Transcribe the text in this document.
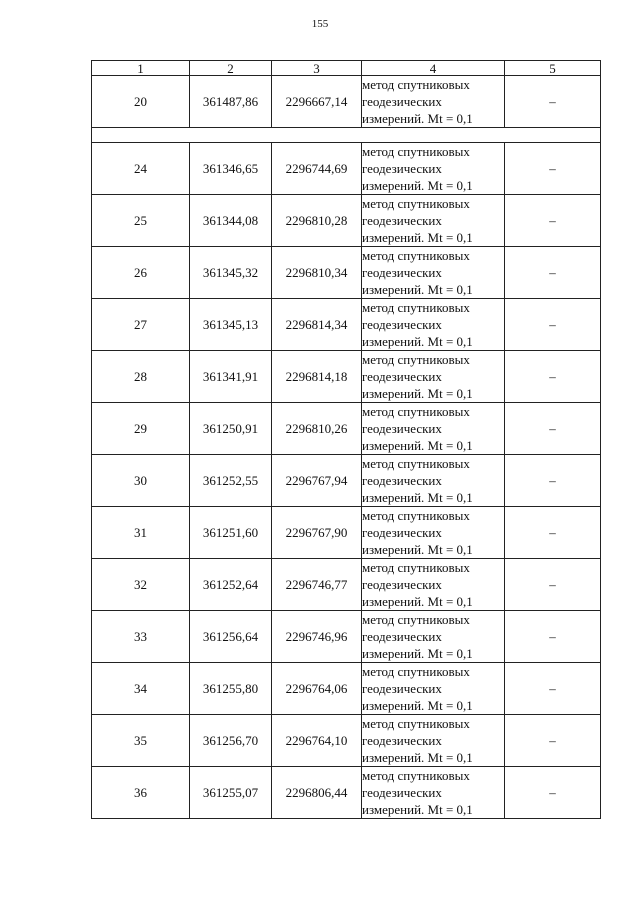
155
1	2	3	4	5
20	361487,86	2296667,14	метод спутниковых
геодезических
измерений. Mt = 0,1	–

24	361346,65	2296744,69	метод спутниковых
геодезических
измерений. Mt = 0,1	–
25	361344,08	2296810,28	метод спутниковых
геодезических
измерений. Mt = 0,1	–
26	361345,32	2296810,34	метод спутниковых
геодезических
измерений. Mt = 0,1	–
27	361345,13	2296814,34	метод спутниковых
геодезических
измерений. Mt = 0,1	–
28	361341,91	2296814,18	метод спутниковых
геодезических
измерений. Mt = 0,1	–
29	361250,91	2296810,26	метод спутниковых
геодезических
измерений. Mt = 0,1	–
30	361252,55	2296767,94	метод спутниковых
геодезических
измерений. Mt = 0,1	–
31	361251,60	2296767,90	метод спутниковых
геодезических
измерений. Mt = 0,1	–
32	361252,64	2296746,77	метод спутниковых
геодезических
измерений. Mt = 0,1	–
33	361256,64	2296746,96	метод спутниковых
геодезических
измерений. Mt = 0,1	–
34	361255,80	2296764,06	метод спутниковых
геодезических
измерений. Mt = 0,1	–
35	361256,70	2296764,10	метод спутниковых
геодезических
измерений. Mt = 0,1	–
36	361255,07	2296806,44	метод спутниковых
геодезических
измерений. Mt = 0,1	–
